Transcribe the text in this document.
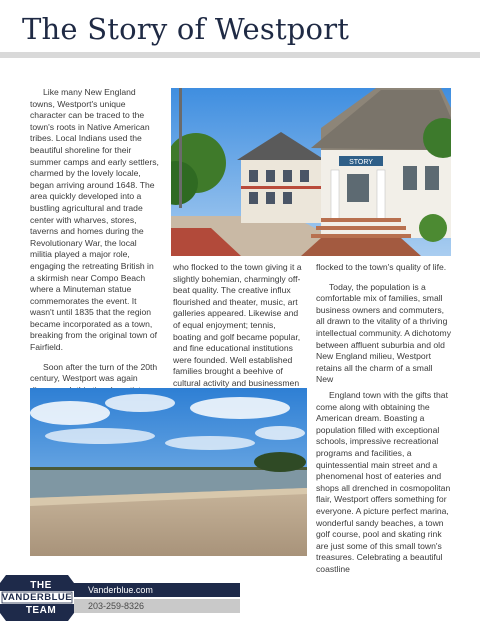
The Story of Westport

Like many New England towns, Westport's unique character can be traced to the town's roots in Native American tribes. Local Indians used the beautiful shoreline for their summer camps and early settlers, charmed by the lovely locale, began arriving around 1648. The area quickly developed into a bustling agricultural and trade center with wharves, stores, taverns and homes during the Revolutionary War, the local militia played a major role, engaging the retreating British in a skirmish near Compo Beach where a Minuteman statue commemorates the event. It wasn't until 1835 that the region became incorporated as a town, breaking from the original town of Fairfield.

Soon after the turn of the 20th century, Westport was again

STORY

who flocked to the town giving it a slightly bohemian, charmingly off-beat quality. The creative influx flourished and theater, music, art galleries appeared. Likewise and of equal enjoyment; tennis, boating and golf became popular, and fine educational institutions were founded. Well established families brought a beehive of cultural activity and businessmen

flocked to the town's quality of life.

Today, the population is a comfortable mix of families, small business owners and commuters, all drawn to the vitality of a thriving intellectual community. A dichotomy between affluent suburbia and old New England milieu, Westport retains all the charm of a small New

England town with the gifts that come along with obtaining the American dream. Boasting a population filled with exceptional schools, impressive recreational programs and facilities, a quintessential main street and a phenomenal host of eateries and shops all drenched in cosmopolitan flair, Westport offers something for everyone. A picture perfect marina, wonderful sandy beaches, a town golf course, pool and skating rink are just some of this small town's treasures. Celebrating a beautiful coastline

Vanderblue.com
203-259-8326
THE
VANDERBLUE
TEAM
